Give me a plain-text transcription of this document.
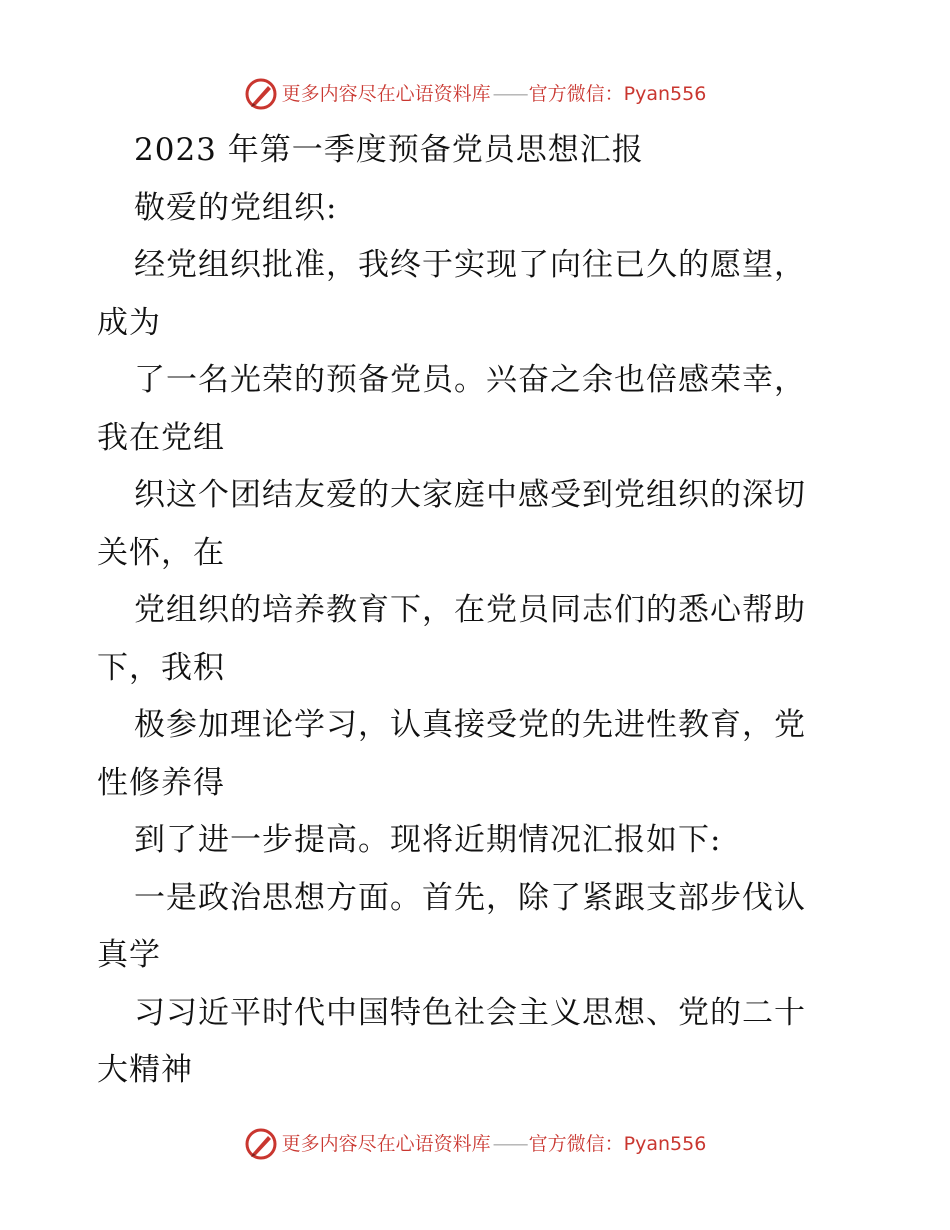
更多内容尽在心语资料库 —— 官方微信：Pyan556
2023 年第一季度预备党员思想汇报
敬爱的党组织:
经党组织批准，我终于实现了向往已久的愿望，
成为
了一名光荣的预备党员。兴奋之余也倍感荣幸，
我在党组
织这个团结友爱的大家庭中感受到党组织的深切
关怀，在
党组织的培养教育下，在党员同志们的悉心帮助
下，我积
极参加理论学习，认真接受党的先进性教育，党
性修养得
到了进一步提高。现将近期情况汇报如下:
一是政治思想方面。首先，除了紧跟支部步伐认
真学
习习近平时代中国特色社会主义思想、党的二十
大精神
更多内容尽在心语资料库 —— 官方微信：Pyan556
